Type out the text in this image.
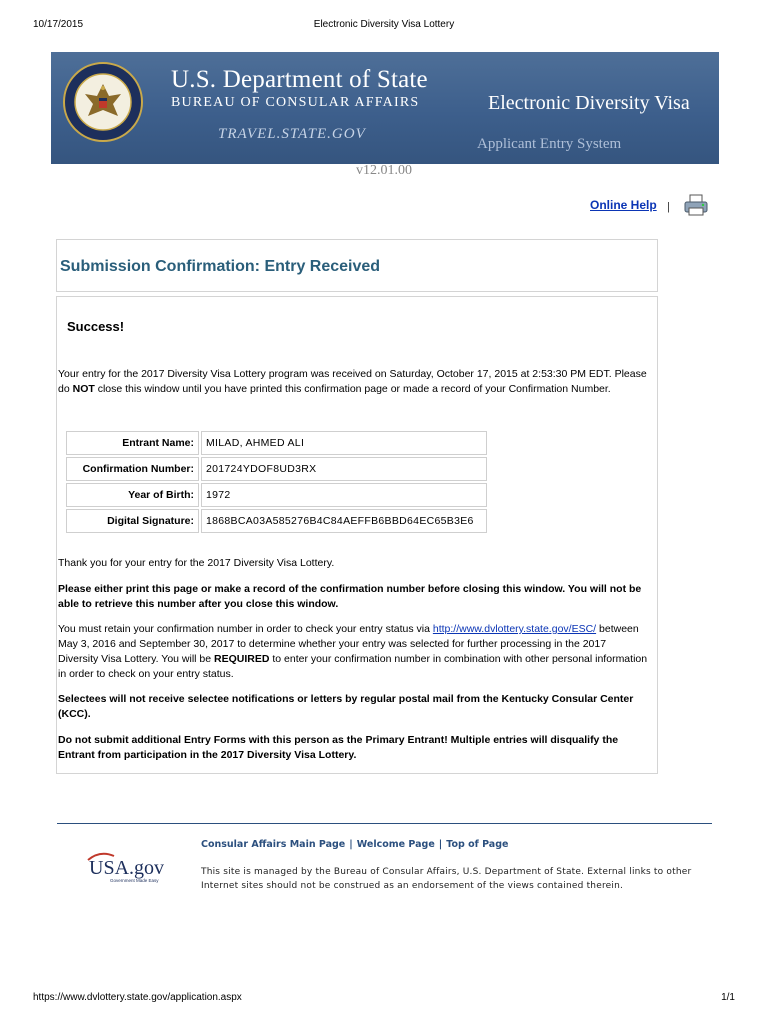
10/17/2015	Electronic Diversity Visa Lottery
U.S. Department of State
BUREAU OF CONSULAR AFFAIRS
TRAVEL.STATE.GOV
Electronic Diversity Visa
Applicant Entry System
v12.01.00
Online Help |
Submission Confirmation: Entry Received
Success!
Your entry for the 2017 Diversity Visa Lottery program was received on Saturday, October 17, 2015 at 2:53:30 PM EDT. Please do NOT close this window until you have printed this confirmation page or made a record of your Confirmation Number.
Entrant Name:	MILAD, AHMED ALI
Confirmation Number:	201724YDOF8UD3RX
Year of Birth:	1972
Digital Signature:	1868BCA03A585276B4C84AEFFB6BBD64EC65B3E6
Thank you for your entry for the 2017 Diversity Visa Lottery.
Please either print this page or make a record of the confirmation number before closing this window. You will not be able to retrieve this number after you close this window.
You must retain your confirmation number in order to check your entry status via http://www.dvlottery.state.gov/ESC/ between May 3, 2016 and September 30, 2017 to determine whether your entry was selected for further processing in the 2017 Diversity Visa Lottery. You will be REQUIRED to enter your confirmation number in combination with other personal information in order to check on your entry status.
Selectees will not receive selectee notifications or letters by regular postal mail from the Kentucky Consular Center (KCC).
Do not submit additional Entry Forms with this person as the Primary Entrant! Multiple entries will disqualify the Entrant from participation in the 2017 Diversity Visa Lottery.
Consular Affairs Main Page | Welcome Page | Top of Page
USA.gov
Government Made Easy
This site is managed by the Bureau of Consular Affairs, U.S. Department of State. External links to other Internet sites should not be construed as an endorsement of the views contained therein.
https://www.dvlottery.state.gov/application.aspx	1/1
